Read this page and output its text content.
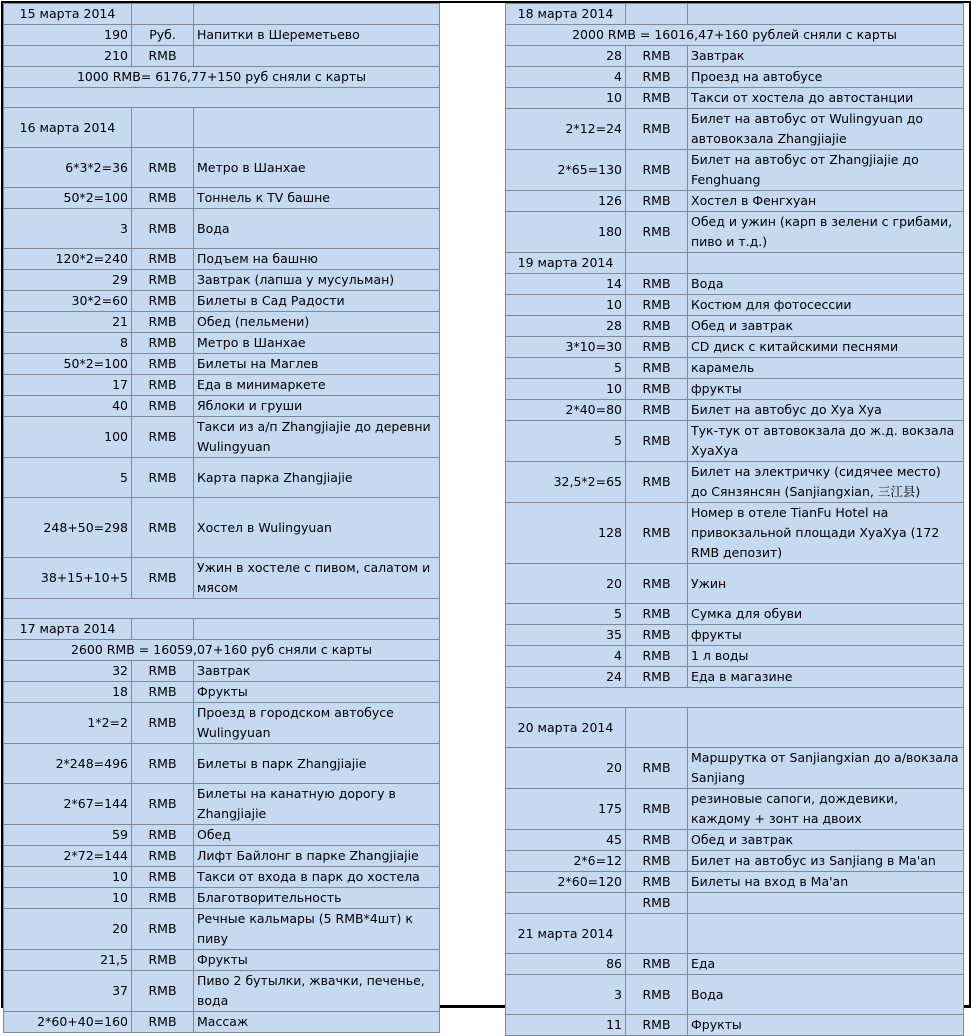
15 марта 2014		
190	Руб.	Напитки в Шереметьево
210	RMB	
1000 RMB= 6176,77+150 руб сняли с карты		

16 марта 2014		
6*3*2=36	RMB	Метро в Шанхае
50*2=100	RMB	Тоннель к TV башне
3	RMB	Вода
120*2=240	RMB	Подъем на башню
29	RMB	Завтрак (лапша у мусульман)
30*2=60	RMB	Билеты в Сад Радости
21	RMB	Обед (пельмени)
8	RMB	Метро в Шанхае
50*2=100	RMB	Билеты на Маглев
17	RMB	Еда в минимаркете
40	RMB	Яблоки и груши
100	RMB	Такси из а/п Zhangjiajie до деревни Wulingyuan
5	RMB	Карта парка Zhangjiajie
248+50=298	RMB	Хостел в Wulingyuan
38+15+10+5	RMB	Ужин в хостеле с пивом, салатом и мясом

17 марта 2014		
2600 RMB = 16059,07+160 руб сняли с карты		
32	RMB	Завтрак
18	RMB	Фрукты
1*2=2	RMB	Проезд в городском автобусе Wulingyuan
2*248=496	RMB	Билеты в парк Zhangjiajie
2*67=144	RMB	Билеты на канатную дорогу в Zhangjiajie
59	RMB	Обед
2*72=144	RMB	Лифт Байлонг в парке Zhangjiajie
10	RMB	Такси от входа в парк до хостела
10	RMB	Благотворительность
20	RMB	Речные кальмары (5 RMB*4шт) к пиву
21,5	RMB	Фрукты
37	RMB	Пиво 2 бутылки, жвачки, печенье, вода
2*60+40=160	RMB	Массаж
18 марта 2014		
2000 RMB = 16016,47+160 рублей сняли с карты		
28	RMB	Завтрак
4	RMB	Проезд на автобусе
10	RMB	Такси от хостела до автостанции
2*12=24	RMB	Билет на автобус от Wulingyuan до автовокзала Zhangjiajie
2*65=130	RMB	Билет на автобус от Zhangjiajie до Fenghuang
126	RMB	Хостел в Фенгхуан
180	RMB	Обед и ужин (карп в зелени с грибами, пиво и т.д.)
19 марта 2014		
14	RMB	Вода
10	RMB	Костюм для фотосессии
28	RMB	Обед и завтрак
3*10=30	RMB	CD диск с китайскими песнями
5	RMB	карамель
10	RMB	фрукты
2*40=80	RMB	Билет на автобус до Хуа Хуа
5	RMB	Тук-тук от автовокзала до ж.д. вокзала ХуаХуа
32,5*2=65	RMB	Билет на электричку (сидячее место) до Сянзянсян (Sanjiangxian, 三江县)
128	RMB	Номер в отеле TianFu Hotel на привокзальной площади ХуаХуа (172 RMB депозит)
20	RMB	Ужин
5	RMB	Сумка для обуви
35	RMB	фрукты
4	RMB	1 л воды
24	RMB	Еда в магазине

20 марта 2014		
20	RMB	Маршрутка от Sanjiangxian до а/вокзала Sanjiang
175	RMB	резиновые сапоги, дождевики, каждому + зонт на двоих
45	RMB	Обед и завтрак
2*6=12	RMB	Билет на автобус из Sanjiang в Ma'an
2*60=120	RMB	Билеты на вход в Ma'an
	RMB	
21 марта 2014		
86	RMB	Еда
3	RMB	Вода
11	RMB	Фрукты
